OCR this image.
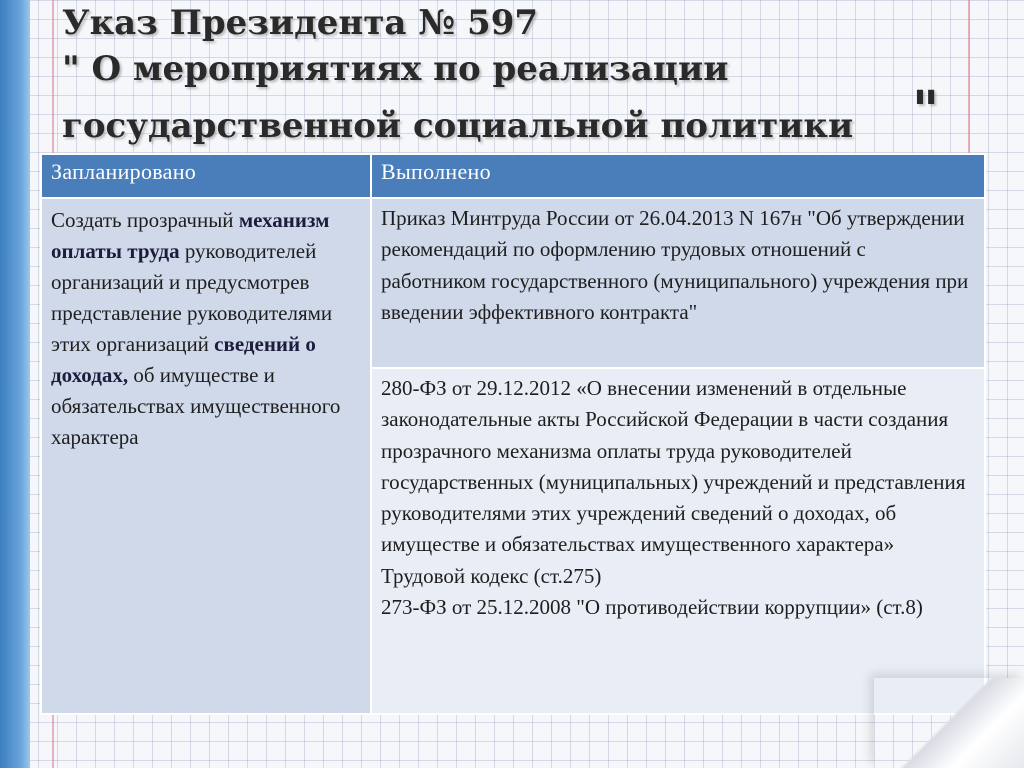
Указ Президента № 597
" О мероприятиях по реализации
государственной социальной политики	"
Запланировано	Выполнено
Создать прозрачный механизм оплаты труда руководителей организаций и предусмотрев представление руководителями этих организаций сведений о доходах, об имуществе и обязательствах имущественного характера	Приказ Минтруда России от 26.04.2013 N 167н "Об утверждении рекомендаций по оформлению трудовых отношений с работником государственного (муниципального) учреждения при введении эффективного контракта"

	280-ФЗ от 29.12.2012 «О внесении изменений в отдельные законодательные акты Российской Федерации в части создания прозрачного механизма оплаты труда руководителей государственных (муниципальных) учреждений и представления руководителями этих учреждений сведений о доходах, об имуществе и обязательствах имущественного характера»
Трудовой кодекс (ст.275)
273-ФЗ от 25.12.2008 "О противодействии коррупции» (ст.8)
